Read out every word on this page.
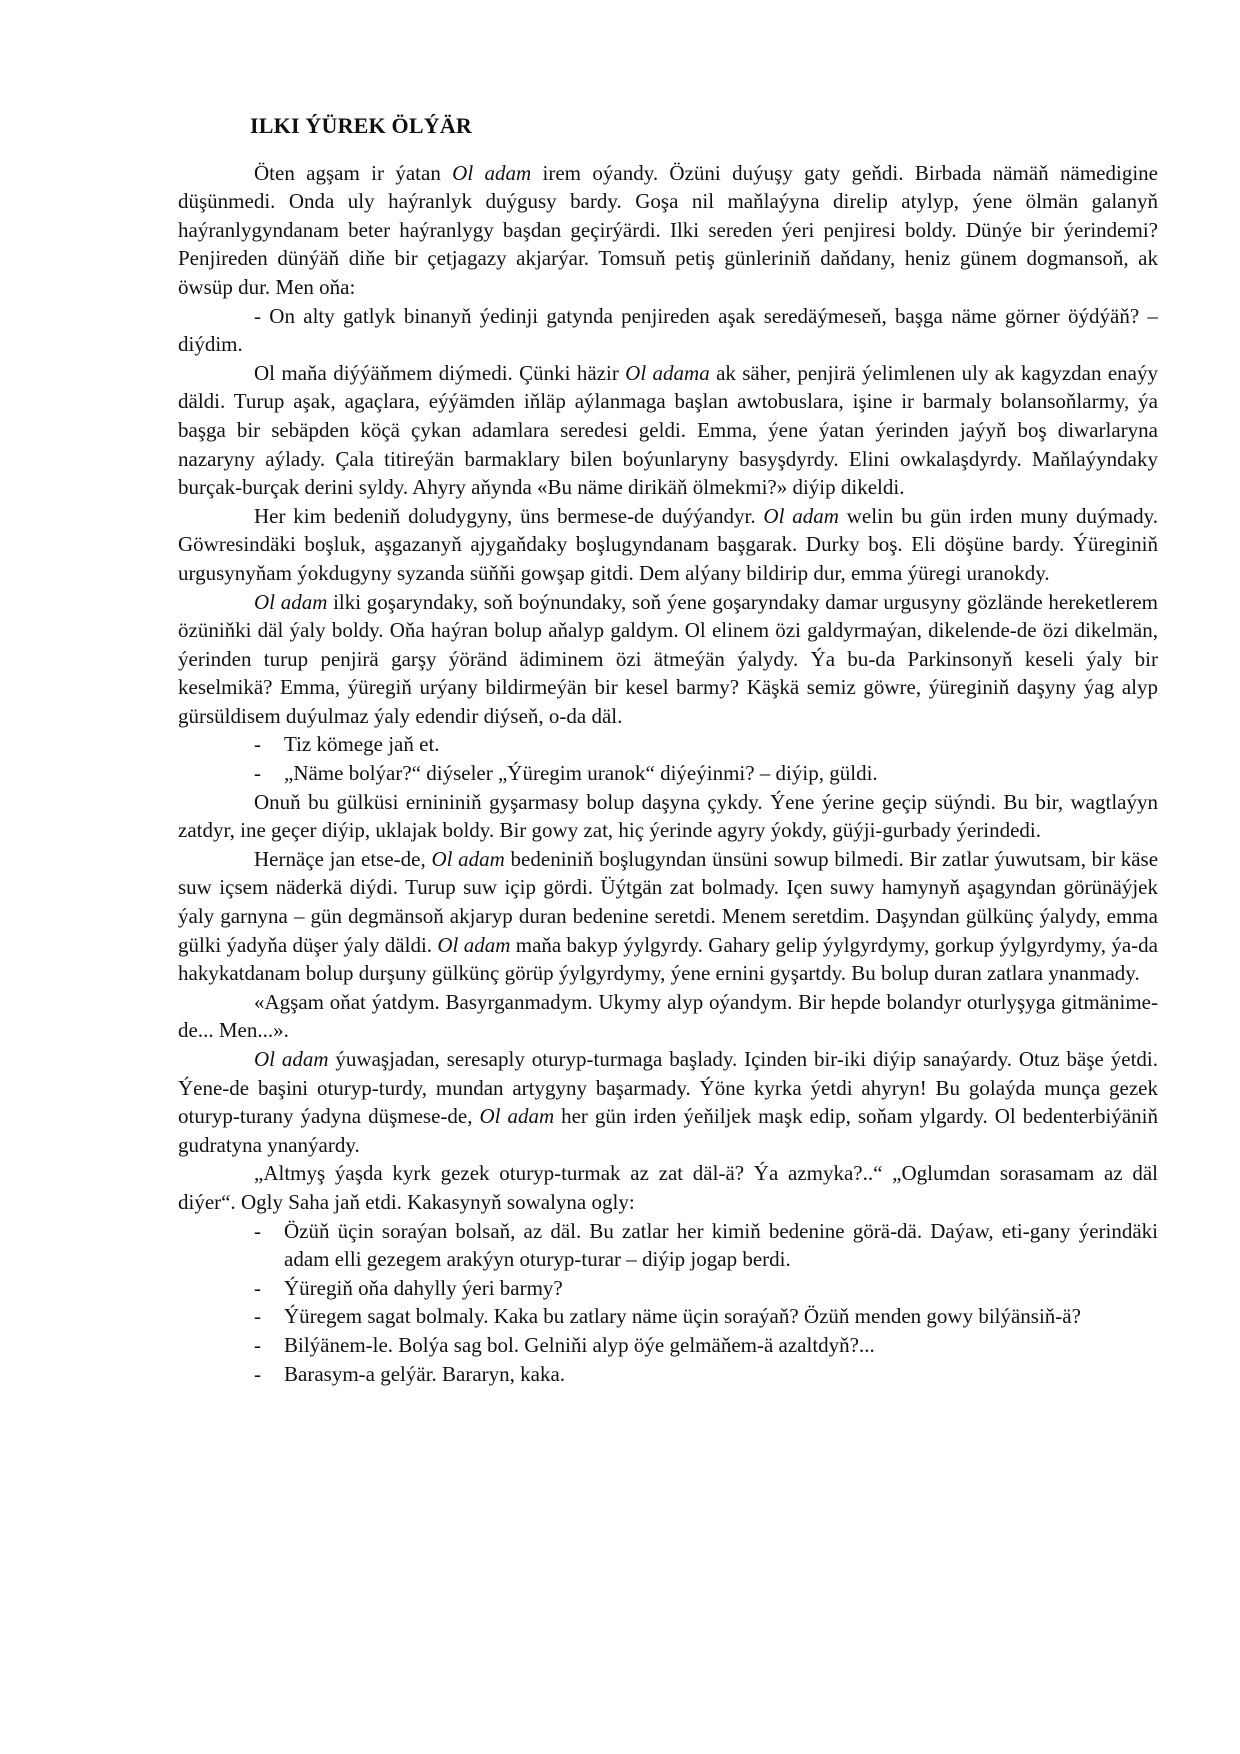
ILKI ÝÜREK ÖLÝÄR

Öten agşam ir ýatan Ol adam irem oýandy. Özüni duýuşy gaty geňdi. Birbada nämäň nämedigine düşünmedi. Onda uly haýranlyk duýgusy bardy. Goşa nil maňlaýyna direlip atylyp, ýene ölmän galanyň haýranlygyndanam beter haýranlygy başdan geçirýärdi. Ilki sereden ýeri penjiresi boldy. Dünýe bir ýerindemi? Penjireden dünýäň diňe bir çetjagazy akjarýar. Tomsuň petiş günleriniň daňdany, heniz günem dogmansoň, ak öwsüp dur. Men oňa:

- On alty gatlyk binanyň ýedinji gatynda penjireden aşak seredäýmeseň, başga näme görner öýdýäň? – diýdim.

Ol maňa diýýäňmem diýmedi. Çünki häzir Ol adama ak säher, penjirä ýelimlenen uly ak kagyzdan enaýy däldi. Turup aşak, agaçlara, eýýämden iňläp aýlanmaga başlan awtobuslara, işine ir barmaly bolansoňlarmy, ýa başga bir sebäpden köçä çykan adamlara seredesi geldi. Emma, ýene ýatan ýerinden jaýyň boş diwarlaryna nazaryny aýlady. Çala titireýän barmaklary bilen boýunlaryny basyşdyrdy. Elini owkalaşdyrdy. Maňlaýyndaky burçak-burçak derini syldy. Ahyry aňynda «Bu näme dirikäň ölmekmi?» diýip dikeldi.

Her kim bedeniň doludygyny, üns bermese-de duýýandyr. Ol adam welin bu gün irden muny duýmady. Göwresindäki boşluk, aşgazanyň ajygaňdaky boşlugyndanam başgarak. Durky boş. Eli döşüne bardy. Ýüreginiň urgusynyňam ýokdugyny syzanda süňňi gowşap gitdi. Dem alýany bildirip dur, emma ýüregi uranokdy.

Ol adam ilki goşaryndaky, soň boýnundaky, soň ýene goşaryndaky damar urgusyny gözlände hereketlerem özüniňki däl ýaly boldy. Oňa haýran bolup aňalyp galdym. Ol elinem özi galdyrmaýan, dikelende-de özi dikelmän, ýerinden turup penjirä garşy ýöränd ädiminem özi ätmeýän ýalydy. Ýa bu-da Parkinsonyň keseli ýaly bir keselmikä? Emma, ýüregiň urýany bildirmeýän bir kesel barmy? Käşkä semiz göwre, ýüreginiň daşyny ýag alyp gürsüldisem duýulmaz ýaly edendir diýseň, o-da däl.

-	Tiz kömege jaň et.
-	„Näme bolýar?“ diýseler „Ýüregim uranok“ diýeýinmi? – diýip, güldi.

Onuň bu gülküsi ernininiň gyşarmasy bolup daşyna çykdy. Ýene ýerine geçip süýndi. Bu bir, wagtlaýyn zatdyr, ine geçer diýip, uklajak boldy. Bir gowy zat, hiç ýerinde agyry ýokdy, güýji-gurbady ýerindedi.

Hernäçe jan etse-de, Ol adam bedeniniň boşlugyndan ünsüni sowup bilmedi. Bir zatlar ýuwutsam, bir käse suw içsem näderkä diýdi. Turup suw içip gördi. Üýtgän zat bolmady. Içen suwy hamynyň aşagyndan görünäýjek ýaly garnyna – gün degmänsoň akjaryp duran bedenine seretdi. Menem seretdim. Daşyndan gülkünç ýalydy, emma gülki ýadyňa düşer ýaly däldi. Ol adam maňa bakyp ýylgyrdy. Gahary gelip ýylgyrdymy, gorkup ýylgyrdymy, ýa-da hakykatdanam bolup durşuny gülkünç görüp ýylgyrdymy, ýene ernini gyşartdy. Bu bolup duran zatlara ynanmady.

«Agşam oňat ýatdym. Basyrganmadym. Ukymy alyp oýandym. Bir hepde bolandyr oturlyşyga gitmänime-de... Men...».

Ol adam ýuwaşjadan, seresaply oturyp-turmaga başlady. Içinden bir-iki diýip sanaýardy. Otuz bäşe ýetdi. Ýene-de başini oturyp-turdy, mundan artygyny başarmady. Ýöne kyrka ýetdi ahyryn! Bu golaýda munça gezek oturyp-turany ýadyna düşmese-de, Ol adam her gün irden ýeňiljek maşk edip, soňam ylgardy. Ol bedenterbiýäniň gudratyna ynanýardy.

„Altmyş ýaşda kyrk gezek oturyp-turmak az zat däl-ä? Ýa azmyka?..“ „Oglumdan sorasamam az däl diýer“. Ogly Saha jaň etdi. Kakasynyň sowalyna ogly:

-	Özüň üçin soraýan bolsaň, az däl. Bu zatlar her kimiň bedenine görä-dä. Daýaw, eti-gany ýerindäki adam elli gezegem arakýyn oturyp-turar – diýip jogap berdi.
-	Ýüregiň oňa dahylly ýeri barmy?
-	Ýüregem sagat bolmaly. Kaka bu zatlary näme üçin soraýaň? Özüň menden gowy bilýänsiň-ä?
-	Bilýänem-le. Bolýa sag bol. Gelniňi alyp öýe gelmäňem-ä azaltdyň?...
-	Barasym-a gelýär. Bararyn, kaka.
